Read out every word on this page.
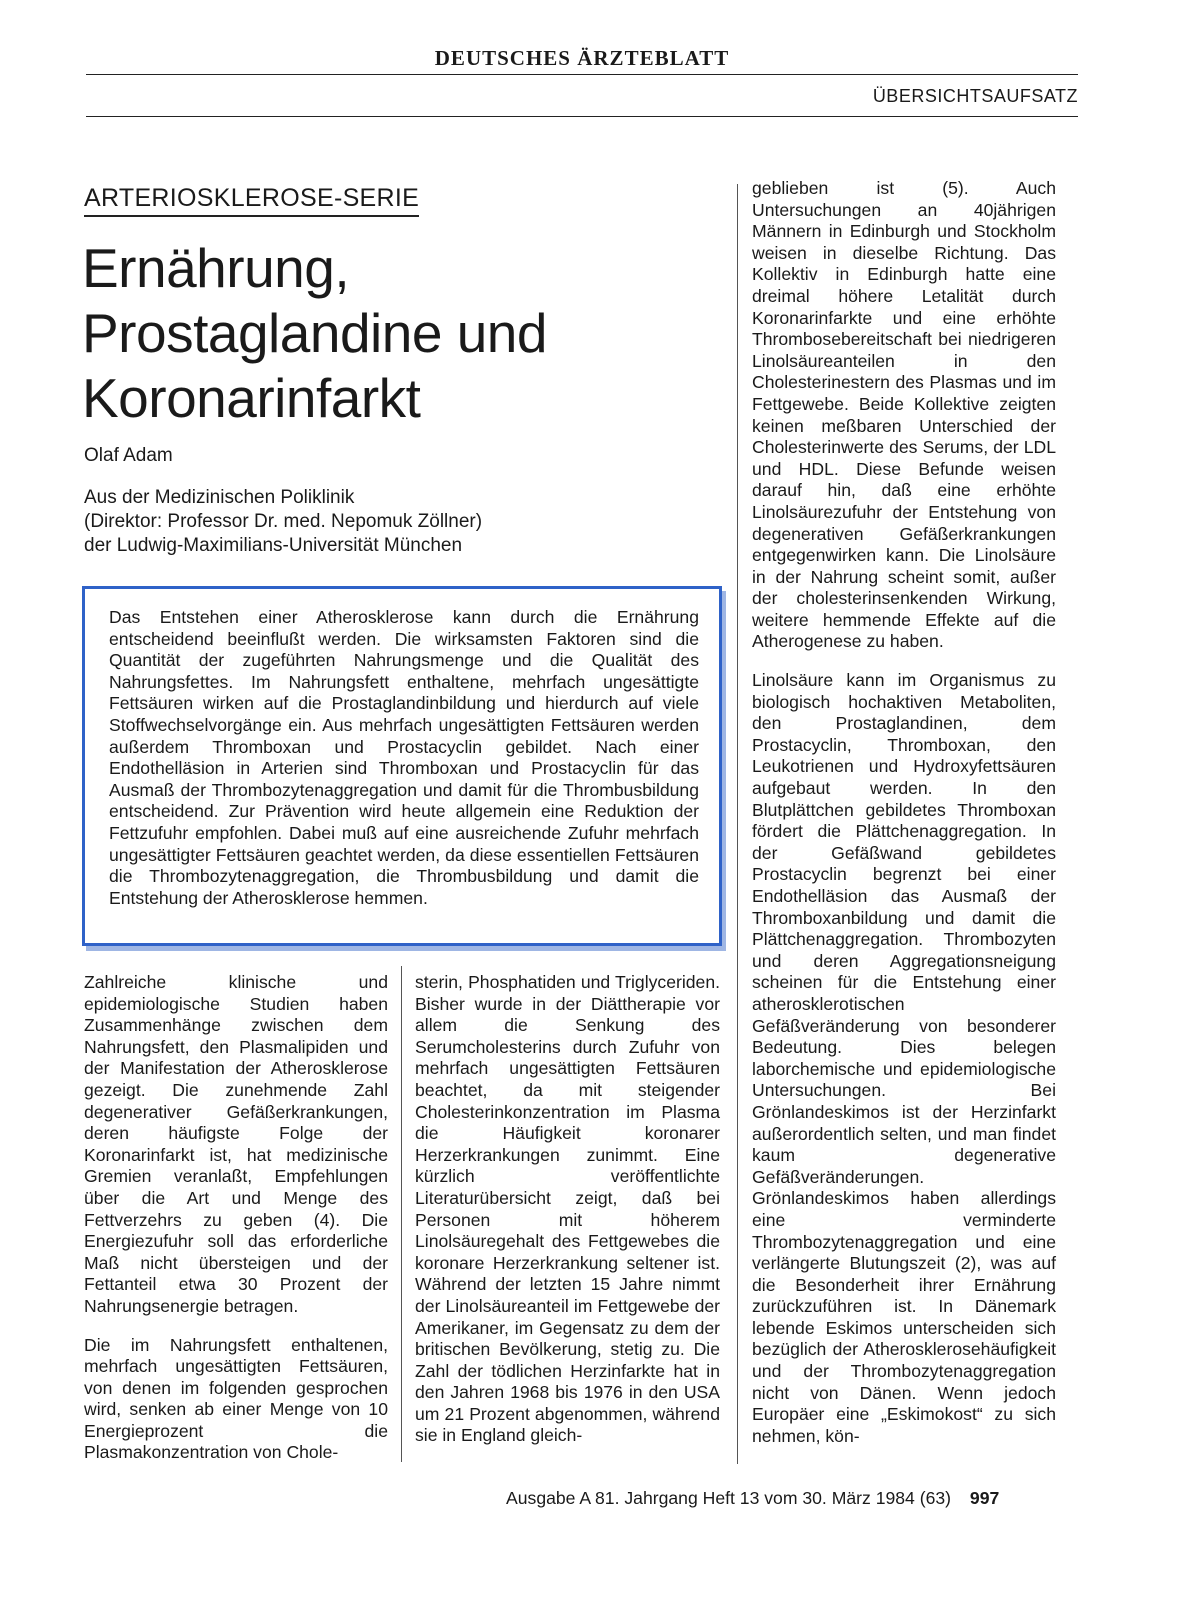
DEUTSCHES ÄRZTEBLATT
ÜBERSICHTSAUFSATZ
ARTERIOSKLEROSE-SERIE
Ernährung,
Prostaglandine und
Koronarinfarkt
Olaf Adam
Aus der Medizinischen Poliklinik
(Direktor: Professor Dr. med. Nepomuk Zöllner)
der Ludwig-Maximilians-Universität München

Das Entstehen einer Atherosklerose kann durch die Ernährung entscheidend beeinflußt werden. Die wirksamsten Faktoren sind die Quantität der zugeführten Nahrungsmenge und die Qualität des Nahrungsfettes. Im Nahrungsfett enthaltene, mehrfach ungesättigte Fettsäuren wirken auf die Prostaglandinbildung und hierdurch auf viele Stoffwechselvorgänge ein. Aus mehrfach ungesättigten Fettsäuren werden außerdem Thromboxan und Prostacyclin gebildet. Nach einer Endothelläsion in Arterien sind Thromboxan und Prostacyclin für das Ausmaß der Thrombozytenaggregation und damit für die Thrombusbildung entscheidend. Zur Prävention wird heute allgemein eine Reduktion der Fettzufuhr empfohlen. Dabei muß auf eine ausreichende Zufuhr mehrfach ungesättigter Fettsäuren geachtet werden, da diese essentiellen Fettsäuren die Thrombozytenaggregation, die Thrombusbildung und damit die Entstehung der Atherosklerose hemmen.

Zahlreiche klinische und epidemiologische Studien haben Zusammenhänge zwischen dem Nahrungsfett, den Plasmalipiden und der Manifestation der Atherosklerose gezeigt. Die zunehmende Zahl degenerativer Gefäßerkrankungen, deren häufigste Folge der Koronarinfarkt ist, hat medizinische Gremien veranlaßt, Empfehlungen über die Art und Menge des Fettverzehrs zu geben (4). Die Energiezufuhr soll das erforderliche Maß nicht übersteigen und der Fettanteil etwa 30 Prozent der Nahrungsenergie betragen.

Die im Nahrungsfett enthaltenen, mehrfach ungesättigten Fettsäuren, von denen im folgenden gesprochen wird, senken ab einer Menge von 10 Energieprozent die Plasmakonzentration von Chole-

sterin, Phosphatiden und Triglyceriden. Bisher wurde in der Diättherapie vor allem die Senkung des Serumcholesterins durch Zufuhr von mehrfach ungesättigten Fettsäuren beachtet, da mit steigender Cholesterinkonzentration im Plasma die Häufigkeit koronarer Herzerkrankungen zunimmt. Eine kürzlich veröffentlichte Literaturübersicht zeigt, daß bei Personen mit höherem Linolsäuregehalt des Fettgewebes die koronare Herzerkrankung seltener ist. Während der letzten 15 Jahre nimmt der Linolsäureanteil im Fettgewebe der Amerikaner, im Gegensatz zu dem der britischen Bevölkerung, stetig zu. Die Zahl der tödlichen Herzinfarkte hat in den Jahren 1968 bis 1976 in den USA um 21 Prozent abgenommen, während sie in England gleich-

geblieben ist (5). Auch Untersuchungen an 40jährigen Männern in Edinburgh und Stockholm weisen in dieselbe Richtung. Das Kollektiv in Edinburgh hatte eine dreimal höhere Letalität durch Koronarinfarkte und eine erhöhte Thrombosebereitschaft bei niedrigeren Linolsäureanteilen in den Cholesterinestern des Plasmas und im Fettgewebe. Beide Kollektive zeigten keinen meßbaren Unterschied der Cholesterinwerte des Serums, der LDL und HDL. Diese Befunde weisen darauf hin, daß eine erhöhte Linolsäurezufuhr der Entstehung von degenerativen Gefäßerkrankungen entgegenwirken kann. Die Linolsäure in der Nahrung scheint somit, außer der cholesterinsenkenden Wirkung, weitere hemmende Effekte auf die Atherogenese zu haben.

Linolsäure kann im Organismus zu biologisch hochaktiven Metaboliten, den Prostaglandinen, dem Prostacyclin, Thromboxan, den Leukotrienen und Hydroxyfettsäuren aufgebaut werden. In den Blutplättchen gebildetes Thromboxan fördert die Plättchenaggregation. In der Gefäßwand gebildetes Prostacyclin begrenzt bei einer Endothelläsion das Ausmaß der Thromboxanbildung und damit die Plättchenaggregation. Thrombozyten und deren Aggregationsneigung scheinen für die Entstehung einer atherosklerotischen Gefäßveränderung von besonderer Bedeutung. Dies belegen laborchemische und epidemiologische Untersuchungen. Bei Grönlandeskimos ist der Herzinfarkt außerordentlich selten, und man findet kaum degenerative Gefäßveränderungen. Grönlandeskimos haben allerdings eine verminderte Thrombozytenaggregation und eine verlängerte Blutungszeit (2), was auf die Besonderheit ihrer Ernährung zurückzuführen ist. In Dänemark lebende Eskimos unterscheiden sich bezüglich der Atherosklerosehäufigkeit und der Thrombozytenaggregation nicht von Dänen. Wenn jedoch Europäer eine „Eskimokost“ zu sich nehmen, kön-

Ausgabe A 81. Jahrgang Heft 13 vom 30. März 1984 (63) 997
